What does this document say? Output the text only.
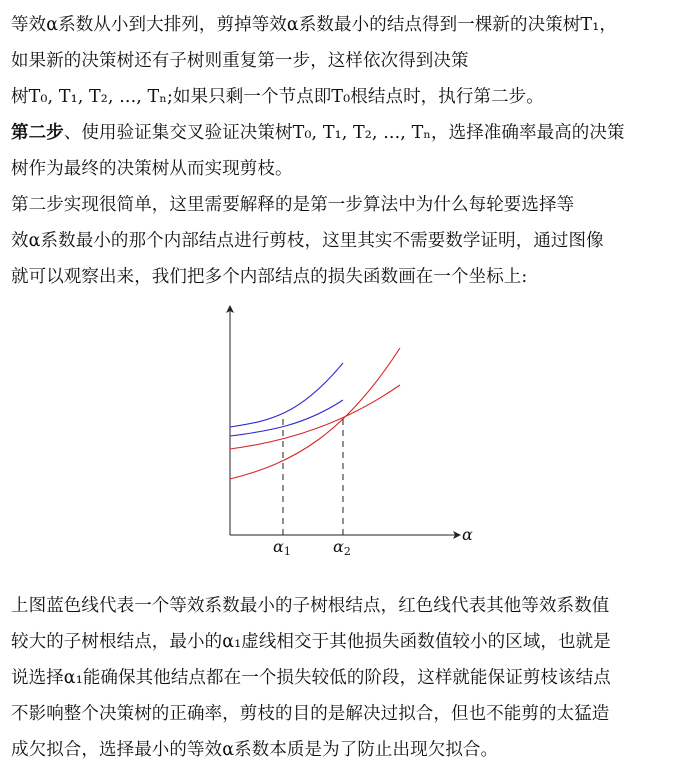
等效α系数从小到大排列，剪掉等效α系数最小的结点得到一棵新的决策树T₁，
如果新的决策树还有子树则重复第一步，这样依次得到决策
树T₀, T₁, T₂, ..., Tₙ;如果只剩一个节点即T₀根结点时，执行第二步。
第二步、使用验证集交叉验证决策树T₀, T₁, T₂, ..., Tₙ，选择准确率最高的决策
树作为最终的决策树从而实现剪枝。
第二步实现很简单，这里需要解释的是第一步算法中为什么每轮要选择等
效α系数最小的那个内部结点进行剪枝，这里其实不需要数学证明，通过图像
就可以观察出来，我们把多个内部结点的损失函数画在一个坐标上:
α
α1	α2
上图蓝色线代表一个等效系数最小的子树根结点，红色线代表其他等效系数值
较大的子树根结点，最小的α₁虚线相交于其他损失函数值较小的区域，也就是
说选择α₁能确保其他结点都在一个损失较低的阶段，这样就能保证剪枝该结点
不影响整个决策树的正确率，剪枝的目的是解决过拟合，但也不能剪的太猛造
成欠拟合，选择最小的等效α系数本质是为了防止出现欠拟合。
